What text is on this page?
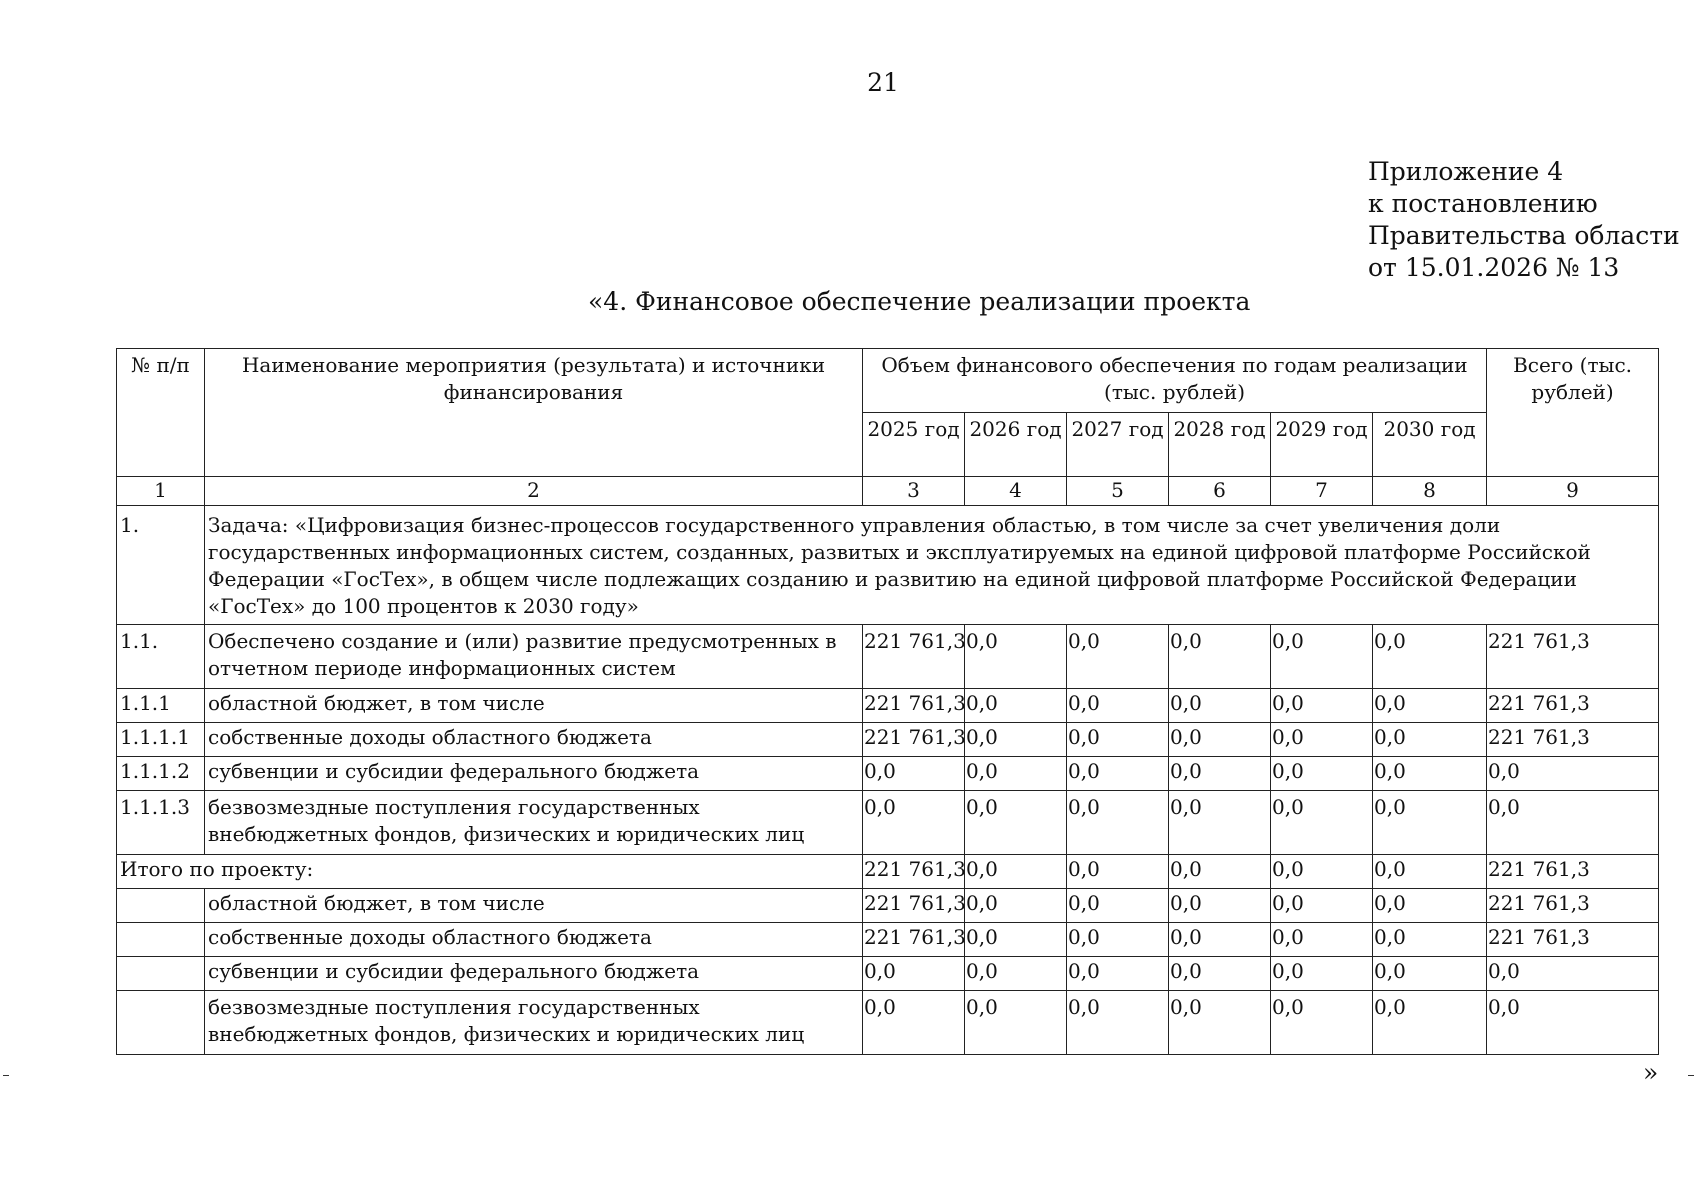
21
Приложение 4
к постановлению
Правительства области
от 15.01.2026 № 13
«4. Финансовое обеспечение реализации проекта
№ п/п	Наименование мероприятия (результата) и источники финансирования	Объем финансового обеспечения по годам реализации (тыс. рублей)						Всего (тыс. рублей)
		2025 год	2026 год	2027 год	2028 год	2029 год	2030 год	
1	2	3	4	5	6	7	8	9
1.	Задача: «Цифровизация бизнес-процессов государственного управления областью, в том числе за счет увеличения доли государственных информационных систем, созданных, развитых и эксплуатируемых на единой цифровой платформе Российской Федерации «ГосТех», в общем числе подлежащих созданию и развитию на единой цифровой платформе Российской Федерации «ГосТех» до 100 процентов к 2030 году»							
1.1.	Обеспечено создание и (или) развитие предусмотренных в отчетном периоде информационных систем	221 761,3	0,0	0,0	0,0	0,0	0,0	221 761,3
1.1.1	областной бюджет, в том числе	221 761,3	0,0	0,0	0,0	0,0	0,0	221 761,3
1.1.1.1	собственные доходы областного бюджета	221 761,3	0,0	0,0	0,0	0,0	0,0	221 761,3
1.1.1.2	субвенции и субсидии федерального бюджета	0,0	0,0	0,0	0,0	0,0	0,0	0,0
1.1.1.3	безвозмездные поступления государственных внебюджетных фондов, физических и юридических лиц	0,0	0,0	0,0	0,0	0,0	0,0	0,0
Итого по проекту:		221 761,3	0,0	0,0	0,0	0,0	0,0	221 761,3
	областной бюджет, в том числе	221 761,3	0,0	0,0	0,0	0,0	0,0	221 761,3
	собственные доходы областного бюджета	221 761,3	0,0	0,0	0,0	0,0	0,0	221 761,3
	субвенции и субсидии федерального бюджета	0,0	0,0	0,0	0,0	0,0	0,0	0,0
	безвозмездные поступления государственных внебюджетных фондов, физических и юридических лиц	0,0	0,0	0,0	0,0	0,0	0,0	0,0
»
